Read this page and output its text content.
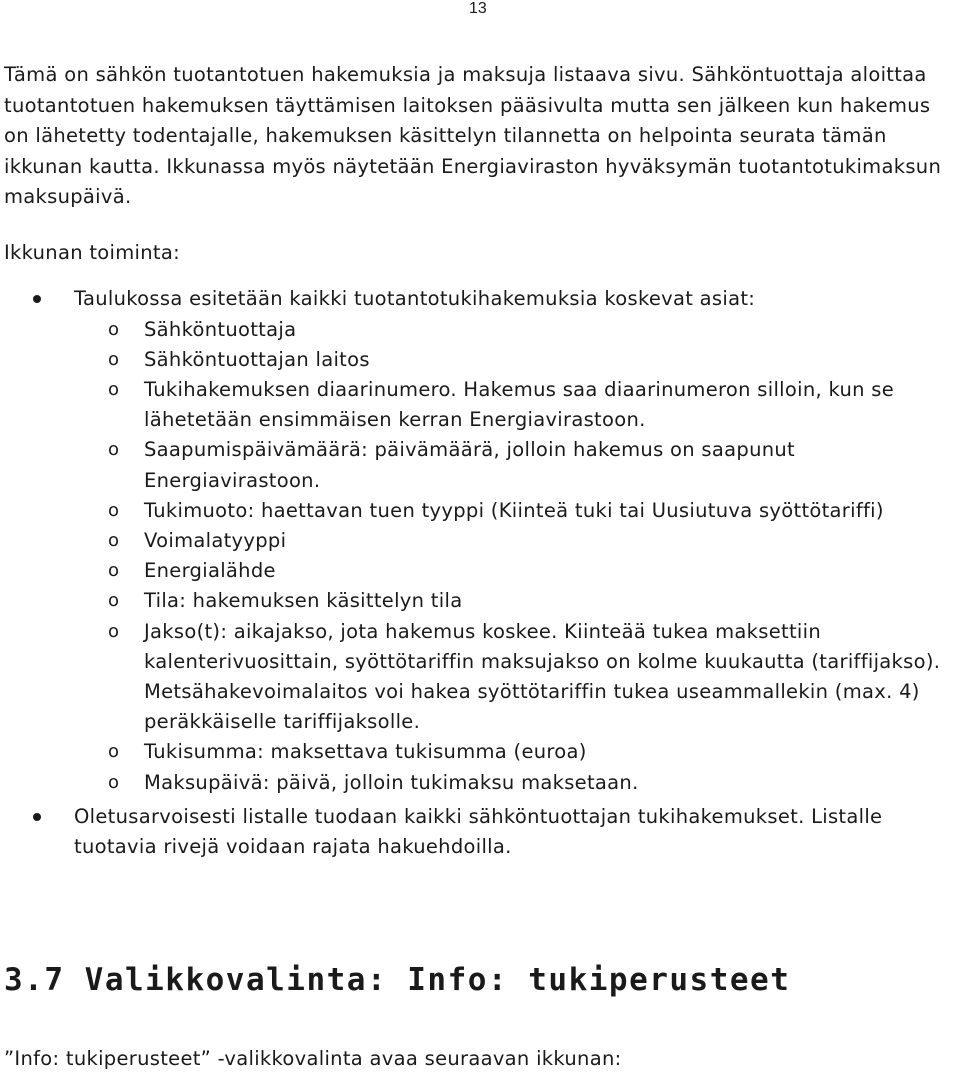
13

Tämä on sähkön tuotantotuen hakemuksia ja maksuja listaava sivu. Sähköntuottaja aloittaa tuotantotuen hakemuksen täyttämisen laitoksen pääsivulta mutta sen jälkeen kun hakemus on lähetetty todentajalle, hakemuksen käsittelyn tilannetta on helpointa seurata tämän ikkunan kautta. Ikkunassa myös näytetään Energiaviraston hyväksymän tuotantotukimaksun maksupäivä.

Ikkunan toiminta:
Taulukossa esitetään kaikki tuotantotukihakemuksia koskevat asiat:
o Sähköntuottaja
o Sähköntuottajan laitos
o Tukihakemuksen diaarinumero. Hakemus saa diaarinumeron silloin, kun se lähetetään ensimmäisen kerran Energiavirastoon.
o Saapumispäivämäärä: päivämäärä, jolloin hakemus on saapunut Energiavirastoon.
o Tukimuoto: haettavan tuen tyyppi (Kiinteä tuki tai Uusiutuva syöttötariffi)
o Voimalatyyppi
o Energialähde
o Tila: hakemuksen käsittelyn tila
o Jakso(t): aikajakso, jota hakemus koskee. Kiinteää tukea maksettiin kalenterivuosittain, syöttötariffin maksujakso on kolme kuukautta (tariffijakso). Metsähakevoimalaitos voi hakea syöttötariffin tukea useammallekin (max. 4) peräkkäiselle tariffijaksolle.
o Tukisumma: maksettava tukisumma (euroa)
o Maksupäivä: päivä, jolloin tukimaksu maksetaan.
Oletusarvoisesti listalle tuodaan kaikki sähköntuottajan tukihakemukset. Listalle tuotavia rivejä voidaan rajata hakuehdoilla.
3.7 Valikkovalinta: Info: tukiperusteet
”Info: tukiperusteet” -valikkovalinta avaa seuraavan ikkunan:
